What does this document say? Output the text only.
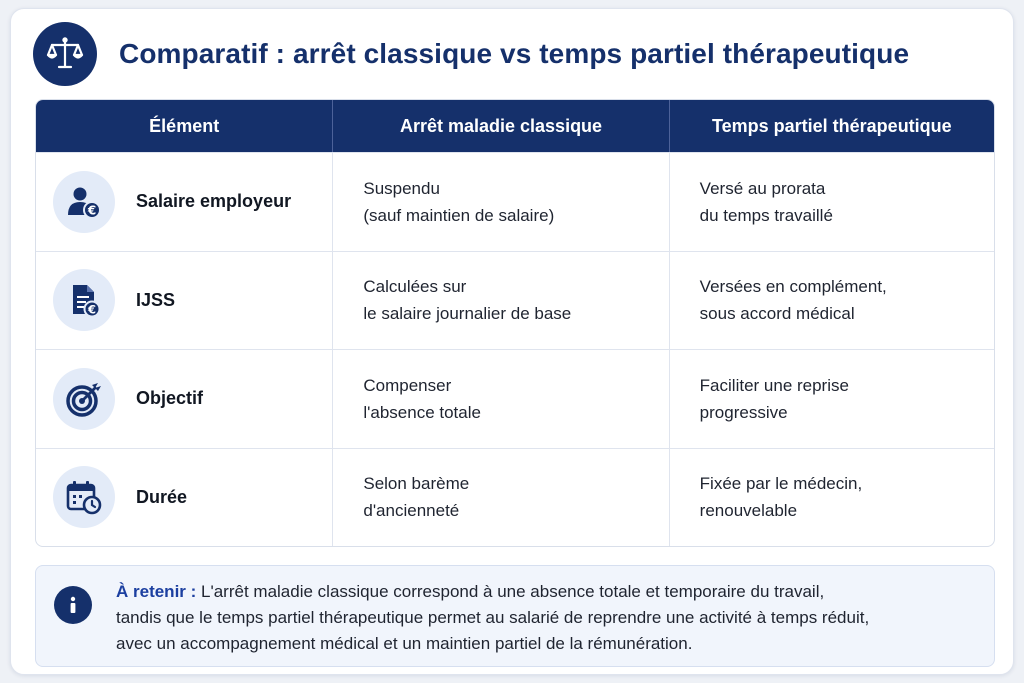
Comparatif : arrêt classique vs temps partiel thérapeutique
Élément	Arrêt maladie classique	Temps partiel thérapeutique
€ Salaire employeur
Suspendu
(sauf maintien de salaire)
Versé au prorata
du temps travaillé
€ IJSS
Calculées sur
le salaire journalier de base
Versées en complément,
sous accord médical
Objectif
Compenser
l'absence totale
Faciliter une reprise
progressive
Durée
Selon barème
d'ancienneté
Fixée par le médecin,
renouvelable
À retenir : L'arrêt maladie classique correspond à une absence totale et temporaire du travail,
tandis que le temps partiel thérapeutique permet au salarié de reprendre une activité à temps réduit,
avec un accompagnement médical et un maintien partiel de la rémunération.
